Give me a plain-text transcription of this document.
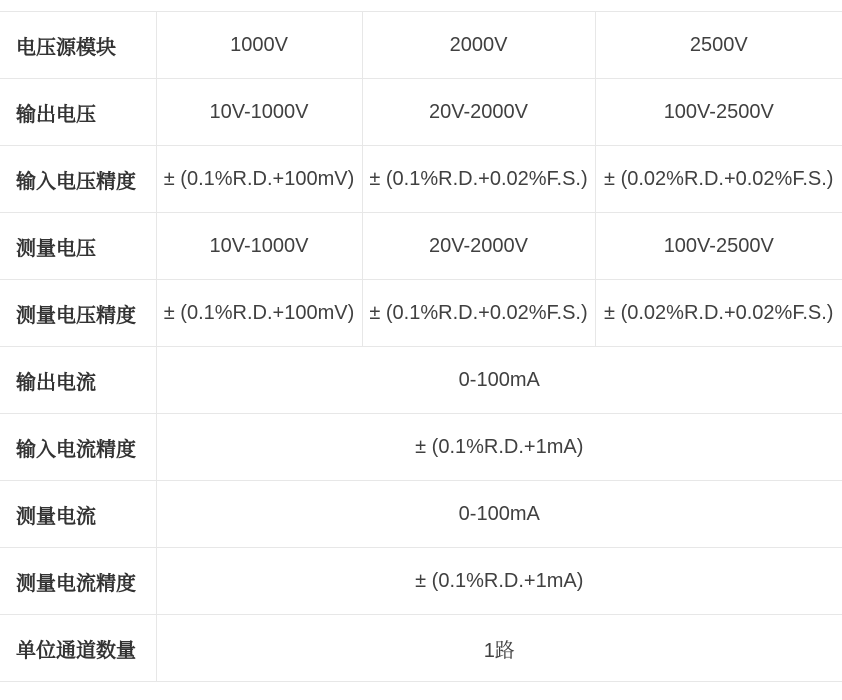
电压源模块	1000V	2000V	2500V
输出电压	10V-1000V	20V-2000V	100V-2500V
输入电压精度	± (0.1%R.D.+100mV)	± (0.1%R.D.+0.02%F.S.)	± (0.02%R.D.+0.02%F.S.)
测量电压	10V-1000V	20V-2000V	100V-2500V
测量电压精度	± (0.1%R.D.+100mV)	± (0.1%R.D.+0.02%F.S.)	± (0.02%R.D.+0.02%F.S.)
输出电流	0-100mA		
输入电流精度	± (0.1%R.D.+1mA)		
测量电流	0-100mA		
测量电流精度	± (0.1%R.D.+1mA)		
单位通道数量	1路		
